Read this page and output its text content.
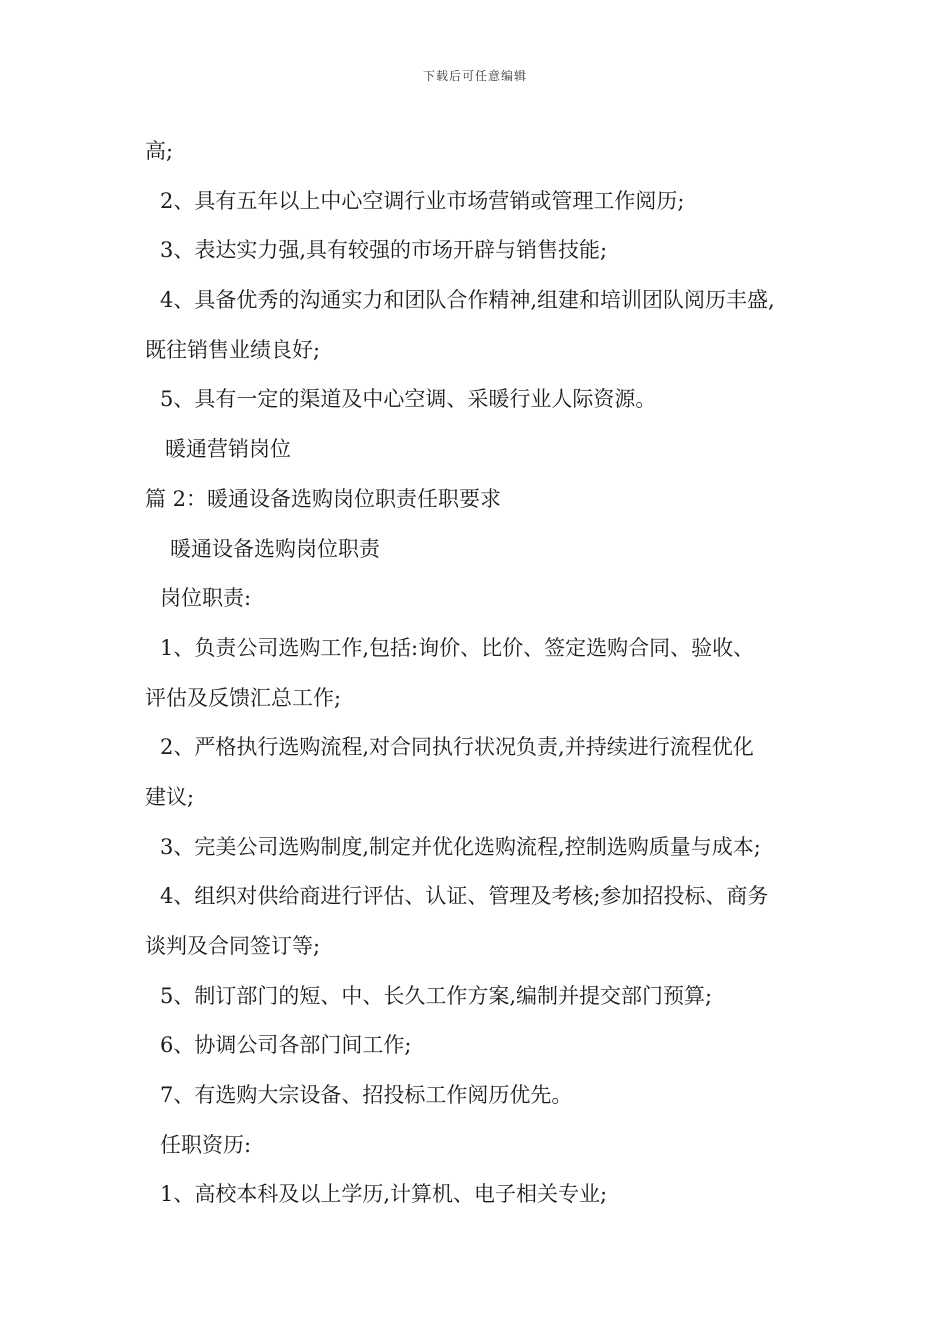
下载后可任意编辑
高;
2、具有五年以上中心空调行业市场营销或管理工作阅历;
3、表达实力强,具有较强的市场开辟与销售技能;
4、具备优秀的沟通实力和团队合作精神,组建和培训团队阅历丰盛,
既往销售业绩良好;
5、具有一定的渠道及中心空调、采暖行业人际资源。
暖通营销岗位
篇 2：暖通设备选购岗位职责任职要求
暖通设备选购岗位职责
岗位职责:
1、负责公司选购工作,包括:询价、比价、签定选购合同、验收、
评估及反馈汇总工作;
2、严格执行选购流程,对合同执行状况负责,并持续进行流程优化
建议;
3、完美公司选购制度,制定并优化选购流程,控制选购质量与成本;
4、组织对供给商进行评估、认证、管理及考核;参加招投标、商务
谈判及合同签订等;
5、制订部门的短、中、长久工作方案,编制并提交部门预算;
6、协调公司各部门间工作;
7、有选购大宗设备、招投标工作阅历优先。
任职资历:
1、高校本科及以上学历,计算机、电子相关专业;
